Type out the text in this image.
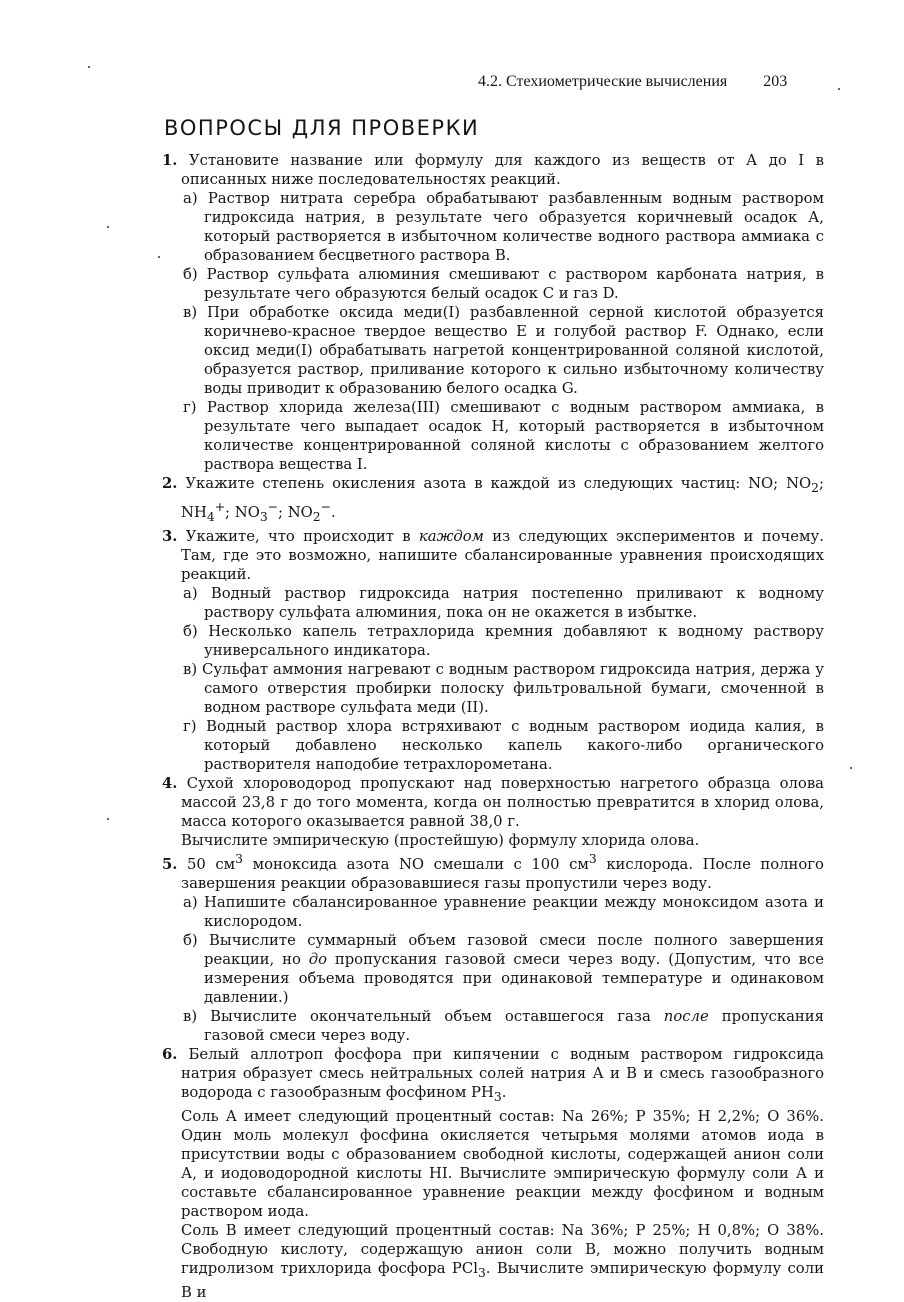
4.2. Стехиометрические вычисления 203
ВОПРОСЫ ДЛЯ ПРОВЕРКИ
1. Установите название или формулу для каждого из веществ от А до I в описанных ниже последовательностях реакций.
а) Раствор нитрата серебра обрабатывают разбавленным водным раствором гидроксида натрия, в результате чего образуется коричневый осадок А, который растворяется в избыточном количестве водного раствора аммиака с образованием бесцветного раствора В.
б) Раствор сульфата алюминия смешивают с раствором карбоната натрия, в результате чего образуются белый осадок С и газ D.
в) При обработке оксида меди(I) разбавленной серной кислотой образуется коричнево-красное твердое вещество Е и голубой раствор F. Однако, если оксид меди(I) обрабатывать нагретой концентрированной соляной кислотой, образуется раствор, приливание которого к сильно избыточному количеству воды приводит к образованию белого осадка G.
г) Раствор хлорида железа(III) смешивают с водным раствором аммиака, в результате чего выпадает осадок Н, который растворяется в избыточном количестве концентрированной соляной кислоты с образованием желтого раствора вещества I.
2. Укажите степень окисления азота в каждой из следующих частиц: NO; $NO_2$; $NH_4^+$; $NO_3^-$; $NO_2^-$.
3. Укажите, что происходит в каждом из следующих экспериментов и почему. Там, где это возможно, напишите сбалансированные уравнения происходящих реакций.
а) Водный раствор гидроксида натрия постепенно приливают к водному раствору сульфата алюминия, пока он не окажется в избытке.
б) Несколько капель тетрахлорида кремния добавляют к водному раствору универсального индикатора.
в) Сульфат аммония нагревают с водным раствором гидроксида натрия, держа у самого отверстия пробирки полоску фильтровальной бумаги, смоченной в водном растворе сульфата меди (II).
г) Водный раствор хлора встряхивают с водным раствором иодида калия, в который добавлено несколько капель какого-либо органического растворителя наподобие тетрахлорометана.
4. Сухой хлороводород пропускают над поверхностью нагретого образца олова массой 23,8 г до того момента, когда он полностью превратится в хлорид олова, масса которого оказывается равной 38,0 г.
Вычислите эмпирическую (простейшую) формулу хлорида олова.
5. 50 $см^3$ моноксида азота NO смешали с 100 $см^3$ кислорода. После полного завершения реакции образовавшиеся газы пропустили через воду.
а) Напишите сбалансированное уравнение реакции между моноксидом азота и кислородом.
б) Вычислите суммарный объем газовой смеси после полного завершения реакции, но до пропускания газовой смеси через воду. (Допустим, что все измерения объема проводятся при одинаковой температуре и одинаковом давлении.)
в) Вычислите окончательный объем оставшегося газа после пропускания газовой смеси через воду.
6. Белый аллотроп фосфора при кипячении с водным раствором гидроксида натрия образует смесь нейтральных солей натрия А и В и смесь газообразного водорода с газообразным фосфином $РН_3$.
Соль А имеет следующий процентный состав: Na 26%; Р 35%; Н 2,2%; О 36%. Один моль молекул фосфина окисляется четырьмя молями атомов иода в присутствии воды с образованием свободной кислоты, содержащей анион соли А, и иодоводородной кислоты HI. Вычислите эмпирическую формулу соли А и составьте сбалансированное уравнение реакции между фосфином и водным раствором иода.
Соль В имеет следующий процентный состав: Na 36%; Р 25%; Н 0,8%; О 38%. Свободную кислоту, содержащую анион соли В, можно получить водным гидролизом трихлорида фосфора РСl$_3$. Вычислите эмпирическую формулу соли В и
